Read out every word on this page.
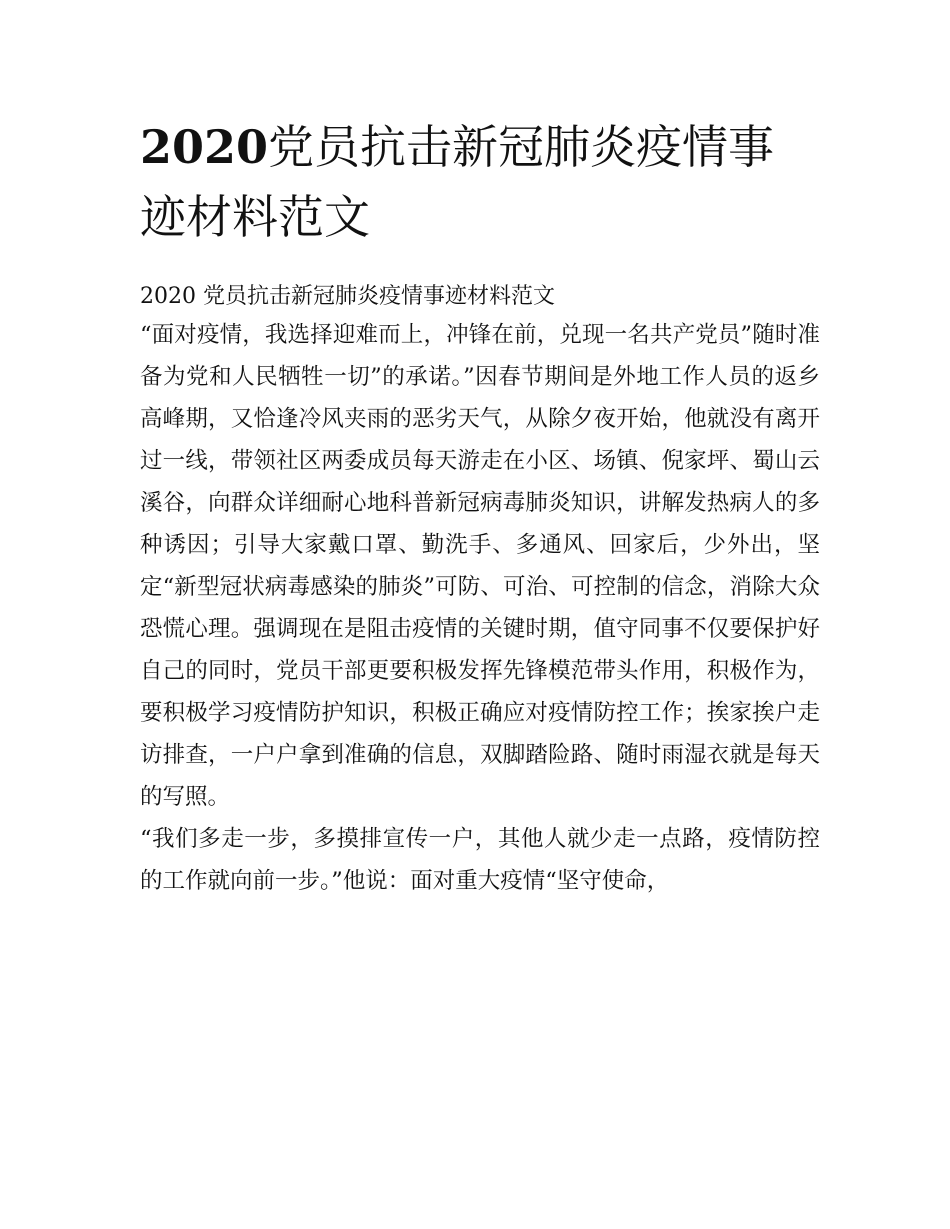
2020党员抗击新冠肺炎疫情事迹材料范文

2020 党员抗击新冠肺炎疫情事迹材料范文

“面对疫情，我选择迎难而上，冲锋在前，兑现一名共产党员”随时准备为党和人民牺牲一切”的承诺。”因春节期间是外地工作人员的返乡高峰期，又恰逢冷风夹雨的恶劣天气，从除夕夜开始，他就没有离开过一线，带领社区两委成员每天游走在小区、场镇、倪家坪、蜀山云溪谷，向群众详细耐心地科普新冠病毒肺炎知识，讲解发热病人的多种诱因；引导大家戴口罩、勤洗手、多通风、回家后，少外出，坚定“新型冠状病毒感染的肺炎”可防、可治、可控制的信念，消除大众恐慌心理。强调现在是阻击疫情的关键时期，值守同事不仅要保护好自己的同时，党员干部更要积极发挥先锋模范带头作用，积极作为，要积极学习疫情防护知识，积极正确应对疫情防控工作；挨家挨户走访排查，一户户拿到准确的信息，双脚踏险路、随时雨湿衣就是每天的写照。

“我们多走一步，多摸排宣传一户，其他人就少走一点路，疫情防控的工作就向前一步。”他说：面对重大疫情“坚守使命，
